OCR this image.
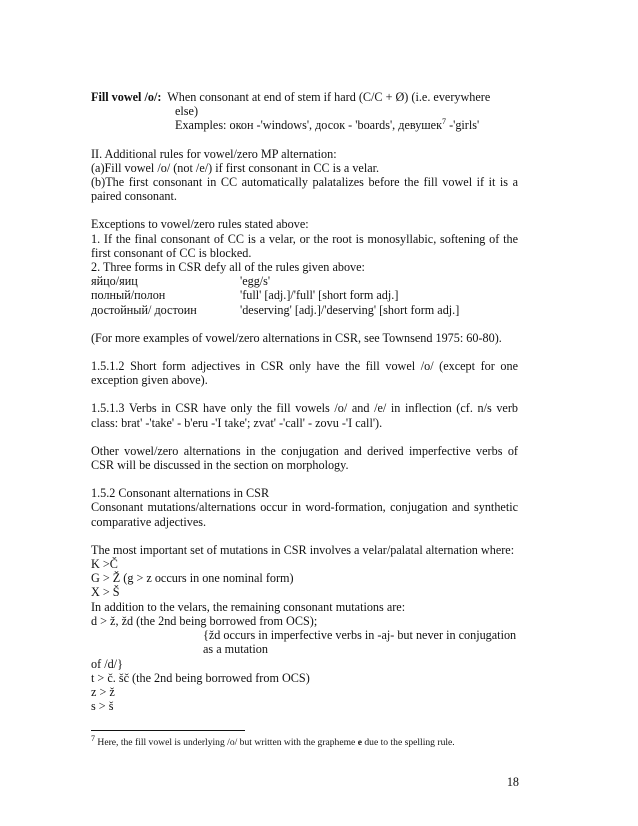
Fill vowel /o/: When consonant at end of stem if hard (C/C + Ø) (i.e. everywhere

else)

Examples: окон -'windows', досок - 'boards', девушек$^7$ -'girls'

II. Additional rules for vowel/zero MP alternation:

(a)Fill vowel /o/ (not /e/) if first consonant in CC is a velar.

(b)The first consonant in CC automatically palatalizes before the fill vowel if it is a paired consonant.

Exceptions to vowel/zero rules stated above:

1. If the final consonant of CC is a velar, or the root is monosyllabic, softening of the first consonant of CC is blocked.

2. Three forms in CSR defy all of the rules given above:

яйцо/яиц	'egg/s'
полный/полон	'full' [adj.]/'full' [short form adj.]
достойный/ достоин	'deserving' [adj.]/'deserving' [short form adj.]

(For more examples of vowel/zero alternations in CSR, see Townsend 1975: 60-80).

1.5.1.2 Short form adjectives in CSR only have the fill vowel /o/ (except for one exception given above).

1.5.1.3 Verbs in CSR have only the fill vowels /o/ and /e/ in inflection (cf. n/s verb class: brat' -'take' - b'eru -'I take'; zvat' -'call' - zovu -'I call').

Other vowel/zero alternations in the conjugation and derived imperfective verbs of CSR will be discussed in the section on morphology.

1.5.2 Consonant alternations in CSR

Consonant mutations/alternations occur in word-formation, conjugation and synthetic comparative adjectives.

The most important set of mutations in CSR involves a velar/palatal alternation where:

K >Č

G > Ž (g > z occurs in one nominal form)

X > Š

In addition to the velars, the remaining consonant mutations are:

d > ž, žd (the 2nd being borrowed from OCS);

{žd occurs in imperfective verbs in -aj- but never in conjugation as a mutation

of /d/}

t > č. šč (the 2nd being borrowed from OCS)

z > ž

s > š

$^7$ Here, the fill vowel is underlying /o/ but written with the grapheme e due to the spelling rule.

18
